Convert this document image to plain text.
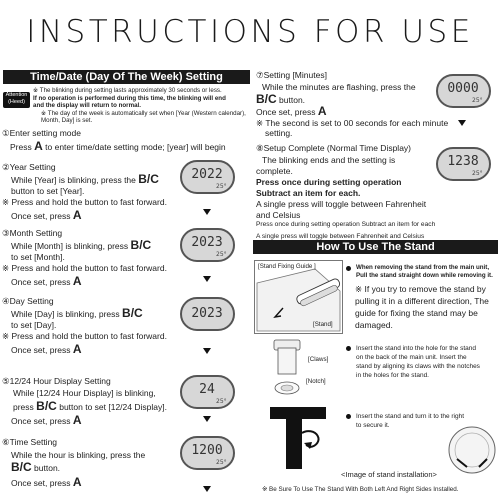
INSTRUCTIONS FOR USE
Time/Date (Day Of The Week) Setting
Attention
(Heed)
※ The blinking during setting lasts approximately 30 seconds or less.
If no operation is performed during this time, the blinking will end
and the display will return to normal.
※ The day of the week is automatically set when [Year (Western calendar),
Month, Day] is set.
①Enter setting mode
Press A to enter time/date setting mode; [year] will begin
②Year Setting
While [Year] is blinking, press the B/C
button to set [Year].
※ Press and hold the button to fast forward.
Once set, press A
③Month Setting
While [Month] is blinking, press B/C
to set [Month].
※ Press and hold the button to fast forward.
Once set, press A
④Day Setting
While [Day] is blinking, press B/C
to set [Day].
※ Press and hold the button to fast forward.
Once set, press A
⑤12/24 Hour Display Setting
While [12/24 Hour Display] is blinking,
press B/C button to set [12/24 Display].
Once set, press A
⑥Time Setting
While the hour is blinking, press the
B/C button.
Once set, press A
2022
25°
2023
25°
2023
24
25°
1200
25°
⑦Setting [Minutes]
While the minutes are flashing, press the
B/C button.
Once set, press A
※ The second is set to 00 seconds for each minute
setting.
⑧Setup Complete (Normal Time Display)
The blinking ends and the setting is
complete.
Press once during setting operation
Subtract an item for each.
A single press will toggle between Fahrenheit
and Celsius
Press once during setting operation Subtract an item for each
A single press will toggle between Fahrenheit and Celsius
0000
25°
1238
25°
How To Use The Stand
[Stand Fixing Guide ]
[Stand]
[Claws]
[Notch]
When removing the stand from the main unit,
Pull the stand straight down while removing it.
※ If you try to remove the stand by
pulling it in a different direction, The
guide for fixing the stand may be
damaged.
Insert the stand into the hole for the stand
on the back of the main unit. Insert the
stand by aligning its claws with the notches
in the holes for the stand.
Insert the stand and turn it to the right
to secure it.
<Image of stand installation>
※ Be Sure To Use The Stand With Both Left And Right Sides Installed.
